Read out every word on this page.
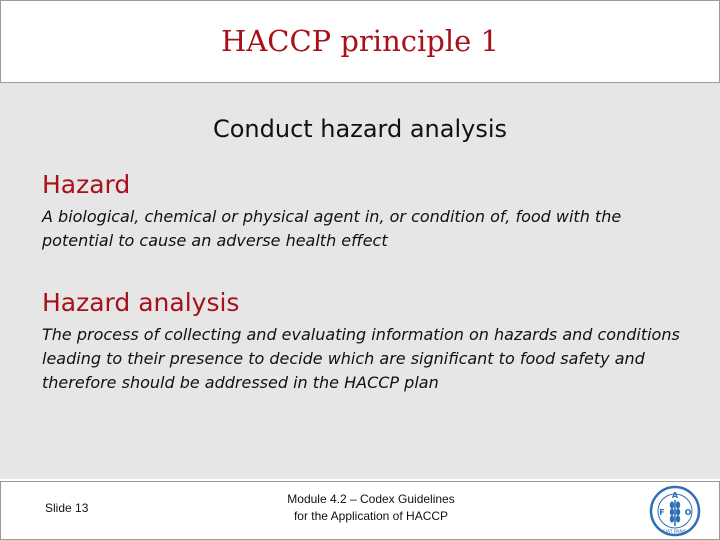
HACCP principle 1
Conduct hazard analysis
Hazard
A biological, chemical or physical agent in, or condition of, food with the potential to cause an adverse health effect
Hazard analysis
The process of collecting and evaluating information on hazards and conditions leading to their presence to decide which are significant to food safety and therefore should be addressed in the HACCP plan
Slide 13
Module 4.2 – Codex Guidelines
for the Application of HACCP	F
A
O
FIAT PANIS
